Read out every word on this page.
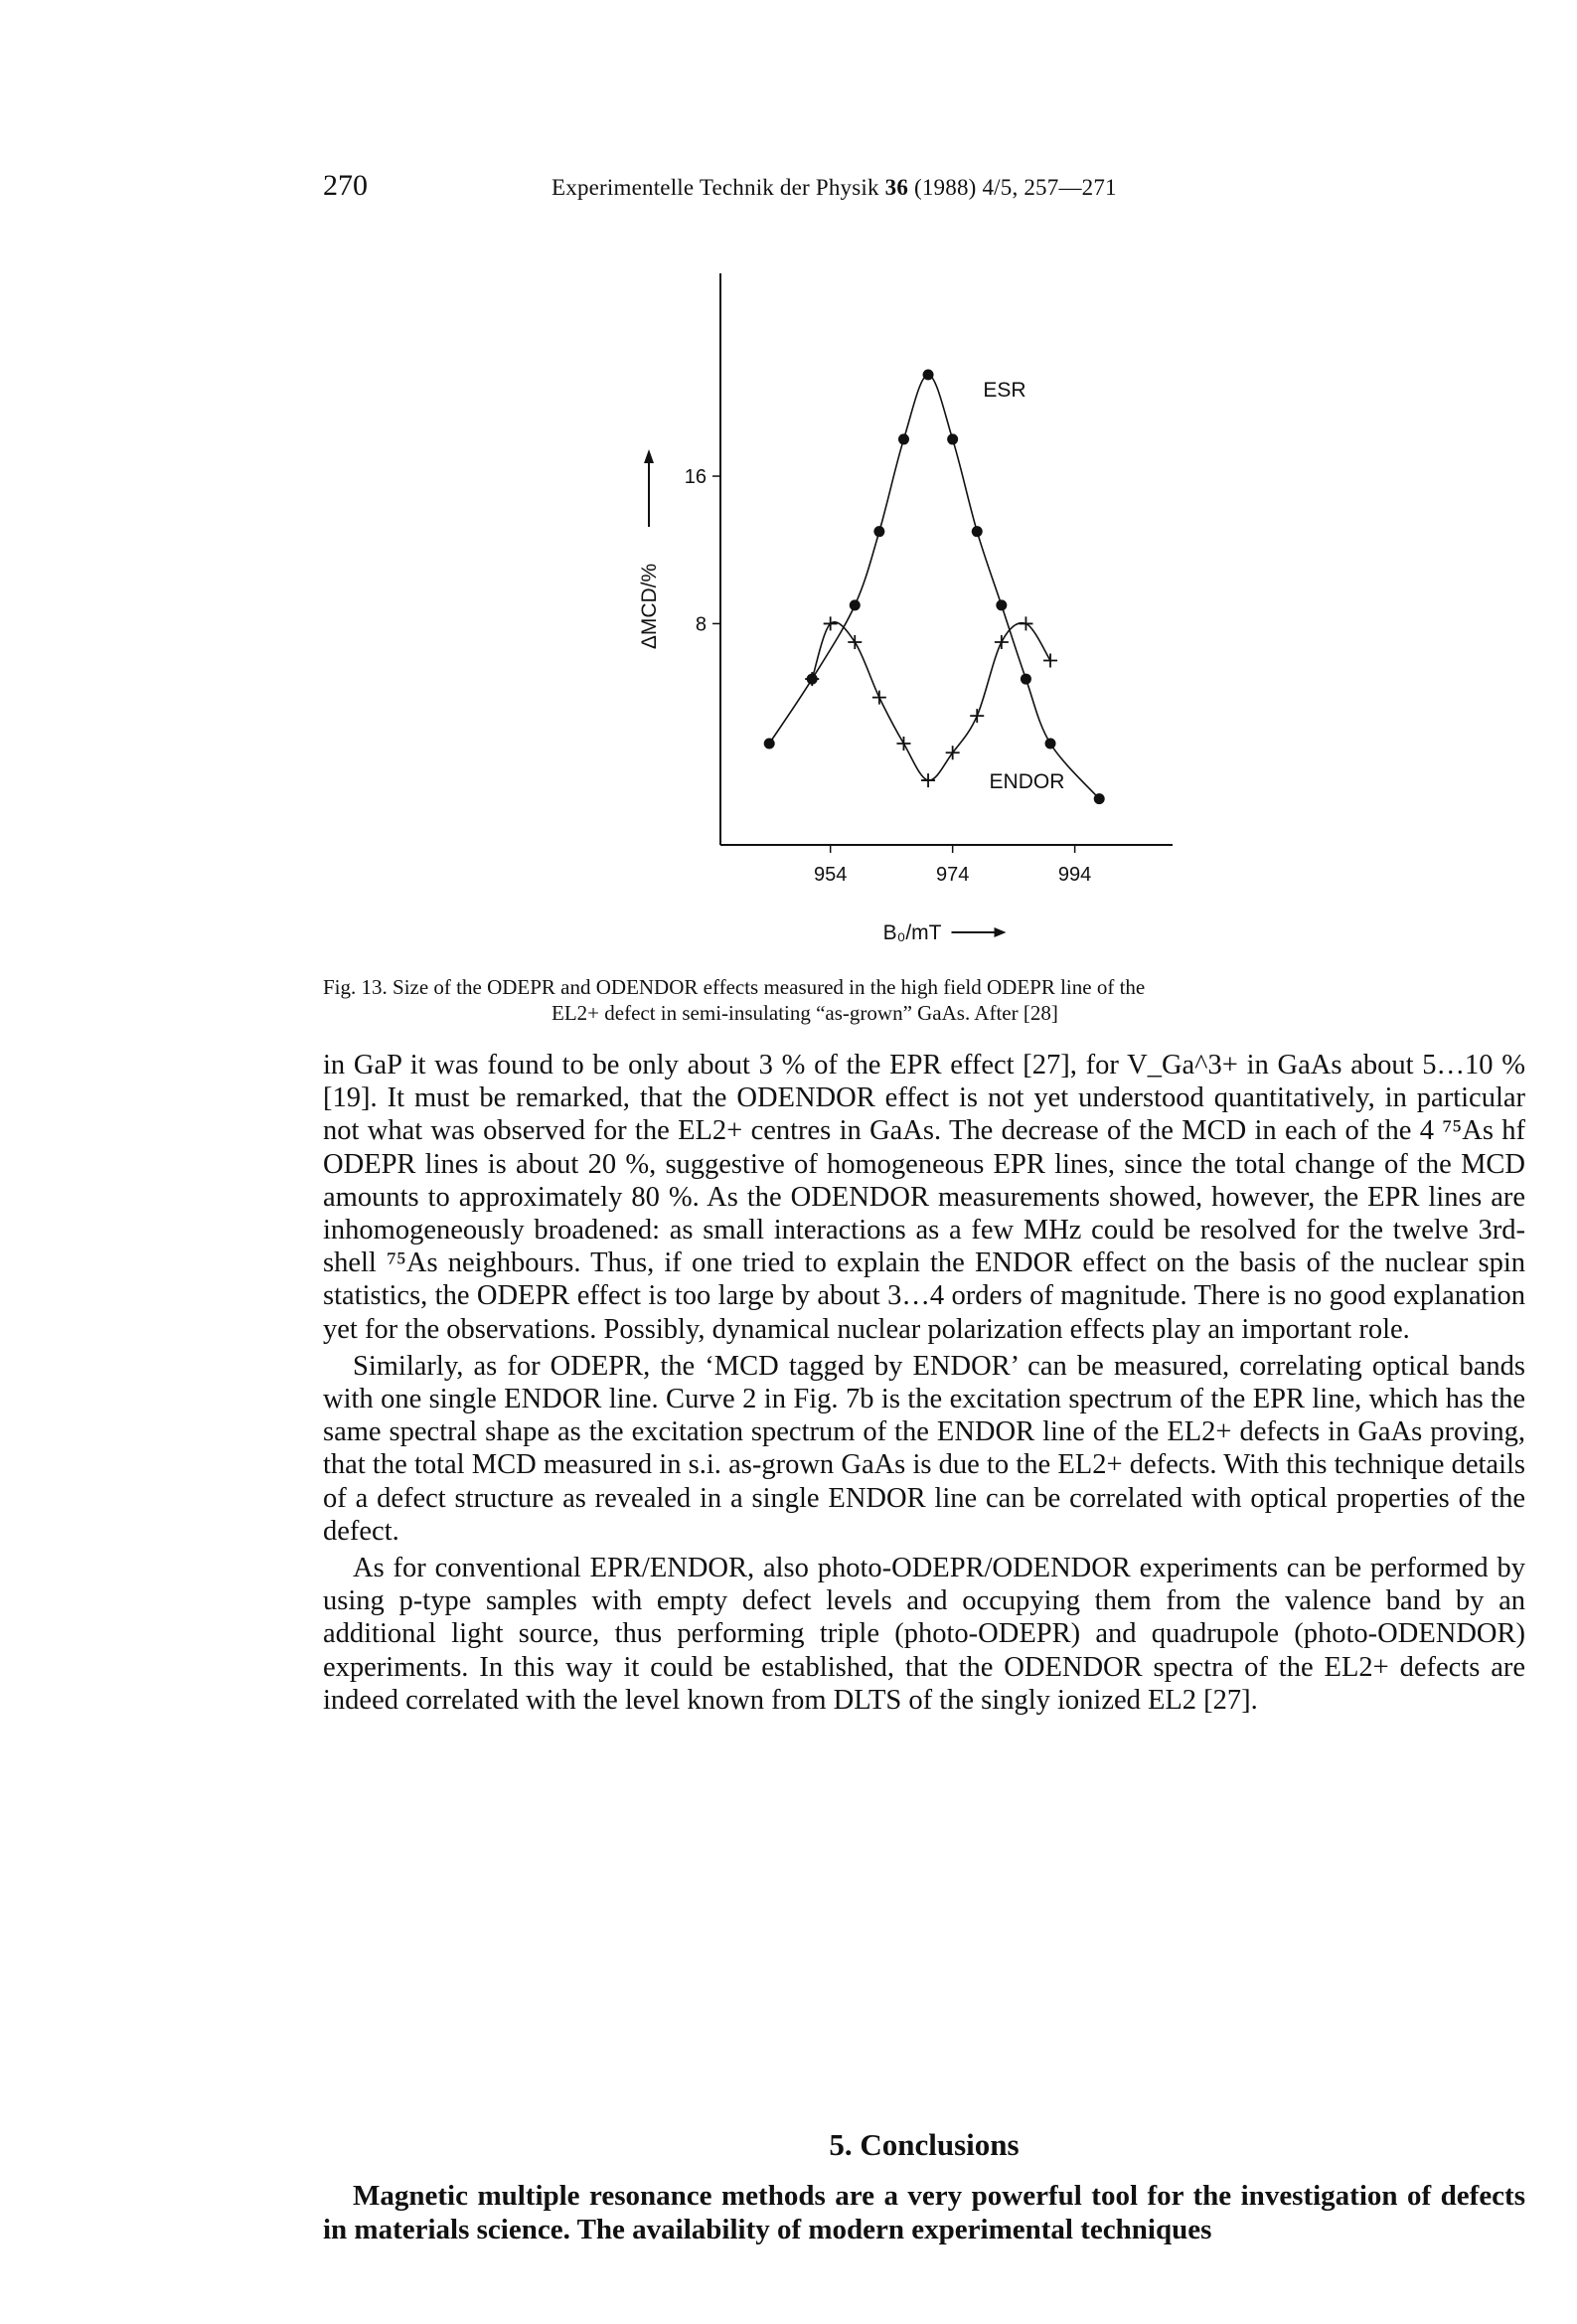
270	Experimentelle Technik der Physik 36 (1988) 4/5, 257—271
954	974	994
8
16
B₀/mT
ΔMCD/%
ESR
ENDOR
Fig. 13. Size of the ODEPR and ODENDOR effects measured in the high field ODEPR line of the
EL2+ defect in semi-insulating “as-grown” GaAs. After [28]

in GaP it was found to be only about 3 % of the EPR effect [27], for V_Ga^3+ in GaAs about 5…10 % [19]. It must be remarked, that the ODENDOR effect is not yet understood quantitatively, in particular not what was observed for the EL2+ centres in GaAs. The decrease of the MCD in each of the 4 ⁷⁵As hf ODEPR lines is about 20 %, suggestive of homogeneous EPR lines, since the total change of the MCD amounts to approximately 80 %. As the ODENDOR measurements showed, however, the EPR lines are inhomogeneously broadened: as small interactions as a few MHz could be resolved for the twelve 3rd-shell ⁷⁵As neighbours. Thus, if one tried to explain the ENDOR effect on the basis of the nuclear spin statistics, the ODEPR effect is too large by about 3…4 orders of magnitude. There is no good explanation yet for the observations. Possibly, dynamical nuclear polarization effects play an important role.

Similarly, as for ODEPR, the ‘MCD tagged by ENDOR’ can be measured, correlating optical bands with one single ENDOR line. Curve 2 in Fig. 7b is the excitation spectrum of the EPR line, which has the same spectral shape as the excitation spectrum of the ENDOR line of the EL2+ defects in GaAs proving, that the total MCD measured in s.i. as-grown GaAs is due to the EL2+ defects. With this technique details of a defect structure as revealed in a single ENDOR line can be correlated with optical properties of the defect.

As for conventional EPR/ENDOR, also photo-ODEPR/ODENDOR experiments can be performed by using p-type samples with empty defect levels and occupying them from the valence band by an additional light source, thus performing triple (photo-ODEPR) and quadrupole (photo-ODENDOR) experiments. In this way it could be established, that the ODENDOR spectra of the EL2+ defects are indeed correlated with the level known from DLTS of the singly ionized EL2 [27].

5. Conclusions

Magnetic multiple resonance methods are a very powerful tool for the investigation of defects in materials science. The availability of modern experimental techniques
